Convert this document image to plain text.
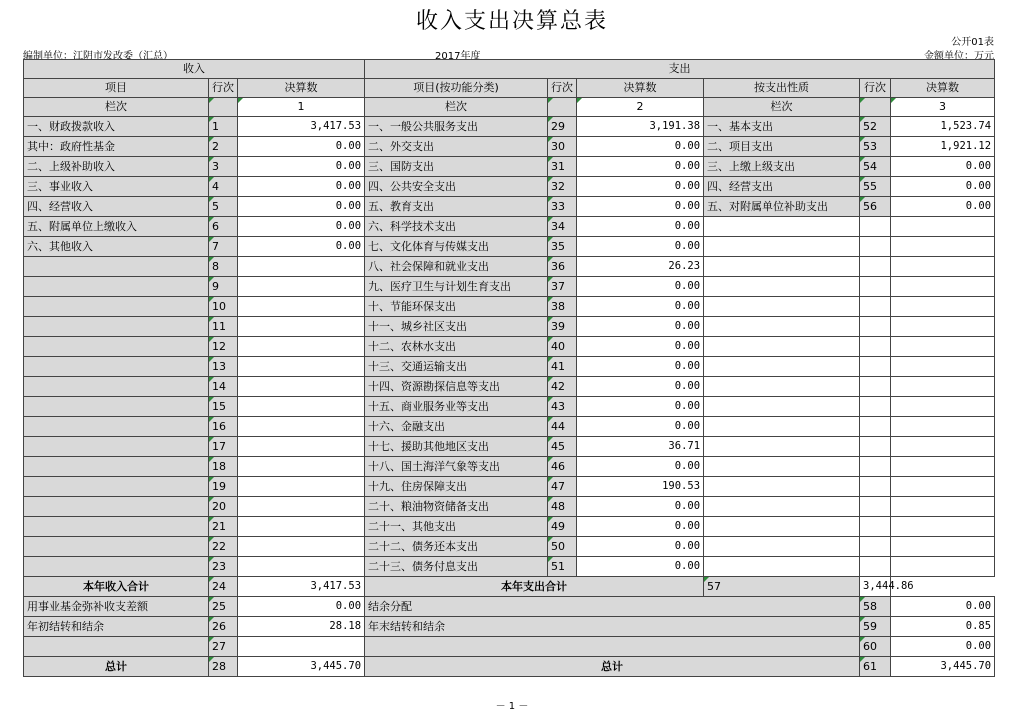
收入支出决算总表
公开01表
编制单位：江阴市发改委（汇总）	2017年度	金额单位：万元
收入			支出					
项目	行次	决算数	项目(按功能分类)	行次	决算数	按支出性质	行次	决算数
栏次		1	栏次		2	栏次		3
一、财政拨款收入	1	3,417.53	一、一般公共服务支出	29	3,191.38	一、基本支出	52	1,523.74
其中：政府性基金	2	0.00	二、外交支出	30	0.00	二、项目支出	53	1,921.12
二、上级补助收入	3	0.00	三、国防支出	31	0.00	三、上缴上级支出	54	0.00
三、事业收入	4	0.00	四、公共安全支出	32	0.00	四、经营支出	55	0.00
四、经营收入	5	0.00	五、教育支出	33	0.00	五、对附属单位补助支出	56	0.00
五、附属单位上缴收入	6	0.00	六、科学技术支出	34	0.00			
六、其他收入	7	0.00	七、文化体育与传媒支出	35	0.00			
	8		八、社会保障和就业支出	36	26.23			
	9		九、医疗卫生与计划生育支出	37	0.00			
	10		十、节能环保支出	38	0.00			
	11		十一、城乡社区支出	39	0.00			
	12		十二、农林水支出	40	0.00			
	13		十三、交通运输支出	41	0.00			
	14		十四、资源勘探信息等支出	42	0.00			
	15		十五、商业服务业等支出	43	0.00			
	16		十六、金融支出	44	0.00			
	17		十七、援助其他地区支出	45	36.71			
	18		十八、国土海洋气象等支出	46	0.00			
	19		十九、住房保障支出	47	190.53			
	20		二十、粮油物资储备支出	48	0.00			
	21		二十一、其他支出	49	0.00			
	22		二十二、债务还本支出	50	0.00			
	23		二十三、债务付息支出	51	0.00			
本年收入合计	24	3,417.53	本年支出合计			57	3,444.86	
用事业基金弥补收支差额	25	0.00	结余分配				58	0.00
年初结转和结余	26	28.18	年末结转和结余				59	0.85
	27						60	0.00
总计	28	3,445.70	总计				61	3,445.70
－ 1 －
